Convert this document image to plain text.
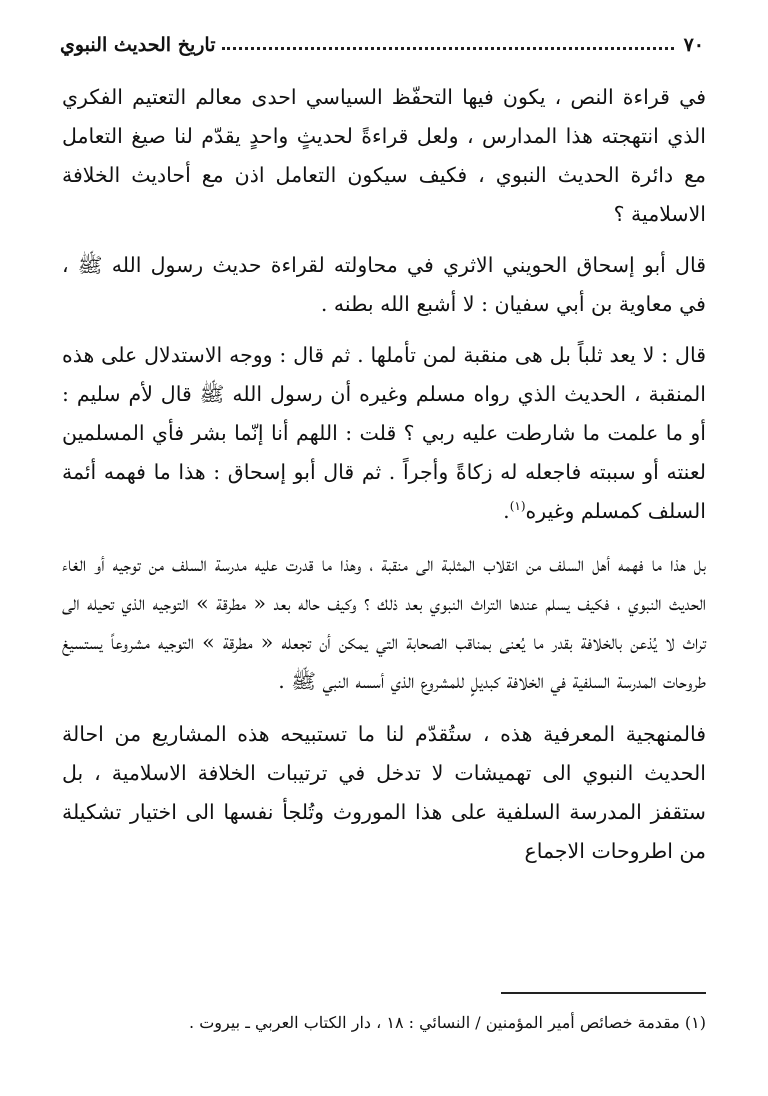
٧٠
تاريخ الحديث النبوي

في قراءة النص ، يكون فيها التحفّظ السياسي احدى معالم التعتيم الفكري الذي انتهجته هذا المدارس ، ولعل قراءةً لحديثٍ واحدٍ يقدّم لنا صيغ التعامل مع دائرة الحديث النبوي ، فكيف سيكون التعامل اذن مع أحاديث الخلافة الاسلامية ؟

قال أبو إسحاق الحويني الاثري في محاولته لقراءة حديث رسول الله ﷺ ، في معاوية بن أبي سفيان : لا أشبع الله بطنه .

قال : لا يعد ثلباً بل هى منقبة لمن تأملها . ثم قال : ووجه الاستدلال على هذه المنقبة ، الحديث الذي رواه مسلم وغيره أن رسول الله ﷺ قال لأم سليم : أو ما علمت ما شارطت عليه ربي ؟ قلت : اللهم أنا إنّما بشر فأي المسلمين لعنته أو سببته فاجعله له زكاةً وأجراً . ثم قال أبو إسحاق : هذا ما فهمه أئمة السلف كمسلم وغيره$^{(١)}$.

بل هذا ما فهمه أهل السلف من انقلاب المثلبة الى منقبة ، وهذا ما قدرت عليه مدرسة السلف من توجيه أو الغاء الحديث النبوي ، فكيف يسلم عندها التراث النبوي بعد ذلك ؟ وكيف حاله بعد « مطرقة » التوجيه الذي تحيله الى تراث لا يُذعن بالخلافة بقدر ما يُعنى بمناقب الصحابة التي يمكن أن تجعله « مطرقة » التوجيه مشروعاً يستسيغ طروحات المدرسة السلفية في الخلافة كبديلٍ للمشروع الذي أسسه النبي ﷺ .

فالمنهجية المعرفية هذه ، ستُقدّم لنا ما تستبيحه هذه المشاريع من احالة الحديث النبوي الى تهميشات لا تدخل في ترتيبات الخلافة الاسلامية ، بل ستقفز المدرسة السلفية على هذا الموروث وتُلجأ نفسها الى اختيار تشكيلة من اطروحات الاجماع

(١) مقدمة خصائص أمير المؤمنين / النسائي : ١٨ ، دار الكتاب العربي ـ بيروت .
